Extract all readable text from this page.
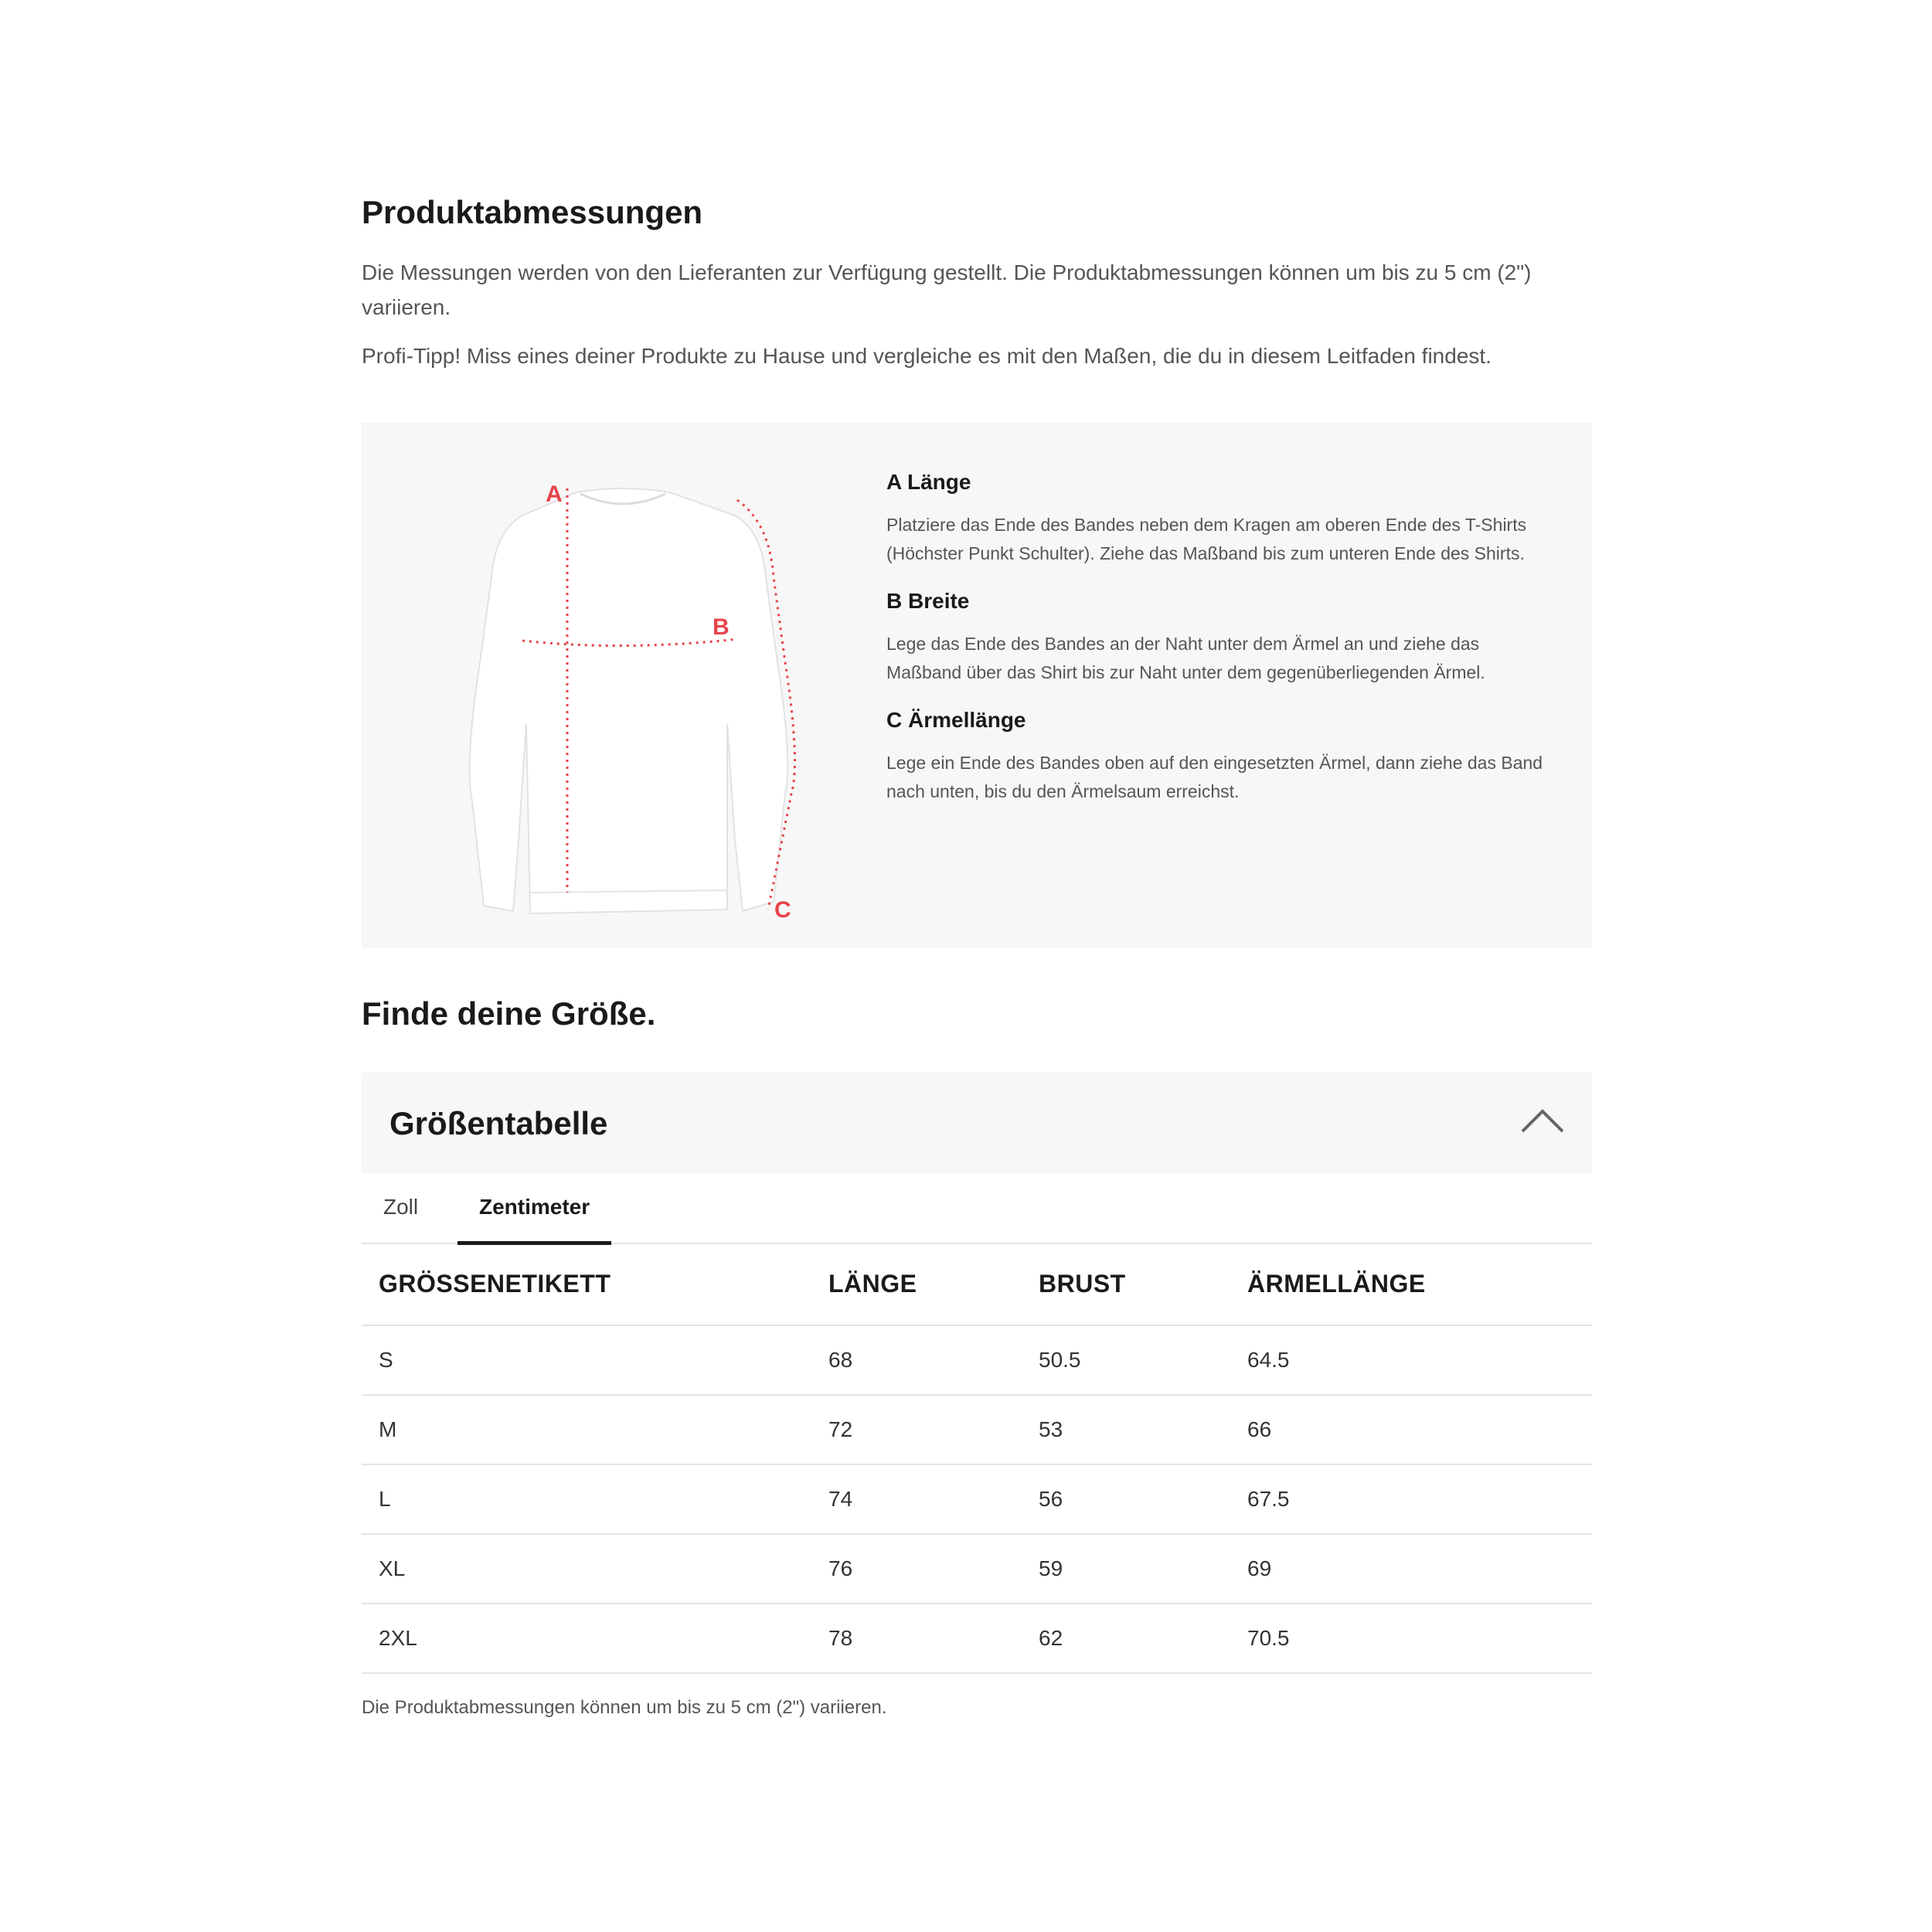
Produktabmessungen

Die Messungen werden von den Lieferanten zur Verfügung gestellt. Die Produktabmessungen können um bis zu 5 cm (2") variieren.

Profi-Tipp! Miss eines deiner Produkte zu Hause und vergleiche es mit den Maßen, die du in diesem Leitfaden findest.

A
B
C

A Länge

Platziere das Ende des Bandes neben dem Kragen am oberen Ende des T-Shirts (Höchster Punkt Schulter). Ziehe das Maßband bis zum unteren Ende des Shirts.

B Breite

Lege das Ende des Bandes an der Naht unter dem Ärmel an und ziehe das Maßband über das Shirt bis zur Naht unter dem gegenüberliegenden Ärmel.

C Ärmellänge

Lege ein Ende des Bandes oben auf den eingesetzten Ärmel, dann ziehe das Band nach unten, bis du den Ärmelsaum erreichst.

Finde deine Größe.
Größentabelle
Zoll	Zentimeter
GRÖSSENETIKETT	LÄNGE	BRUST	ÄRMELLÄNGE
S	68	50.5	64.5
M	72	53	66
L	74	56	67.5
XL	76	59	69
2XL	78	62	70.5

Die Produktabmessungen können um bis zu 5 cm (2") variieren.
